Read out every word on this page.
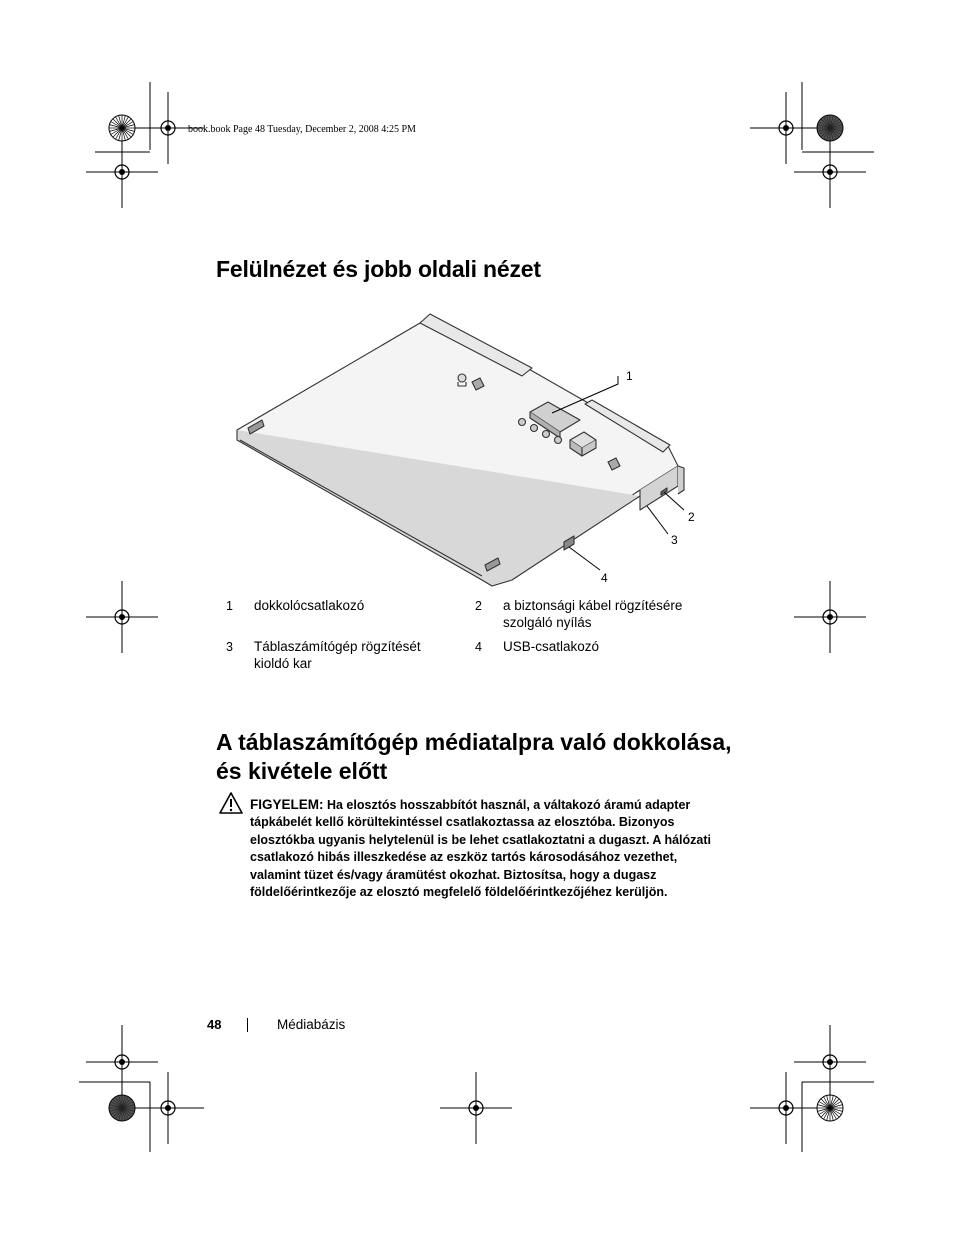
book.book Page 48 Tuesday, December 2, 2008 4:25 PM
Felülnézet és jobb oldali nézet
1
2
3
4
1 dokkolócsatlakozó	2 a biztonsági kábel rögzítésére szolgáló nyílás
3 Táblaszámítógép rögzítését kioldó kar
4 USB-csatlakozó
A táblaszámítógép médiatalpra való dokkolása, és kivétele előtt
FIGYELEM: Ha elosztós hosszabbítót használ, a váltakozó áramú adapter tápkábelét kellő körültekintéssel csatlakoztassa az elosztóba. Bizonyos elosztókba ugyanis helytelenül is be lehet csatlakoztatni a dugaszt. A hálózati csatlakozó hibás illeszkedése az eszköz tartós károsodásához vezethet, valamint tüzet és/vagy áramütést okozhat. Biztosítsa, hogy a dugasz földelőérintkezője az elosztó megfelelő földelőérintkezőjéhez kerüljön.
48	Médiabázis
